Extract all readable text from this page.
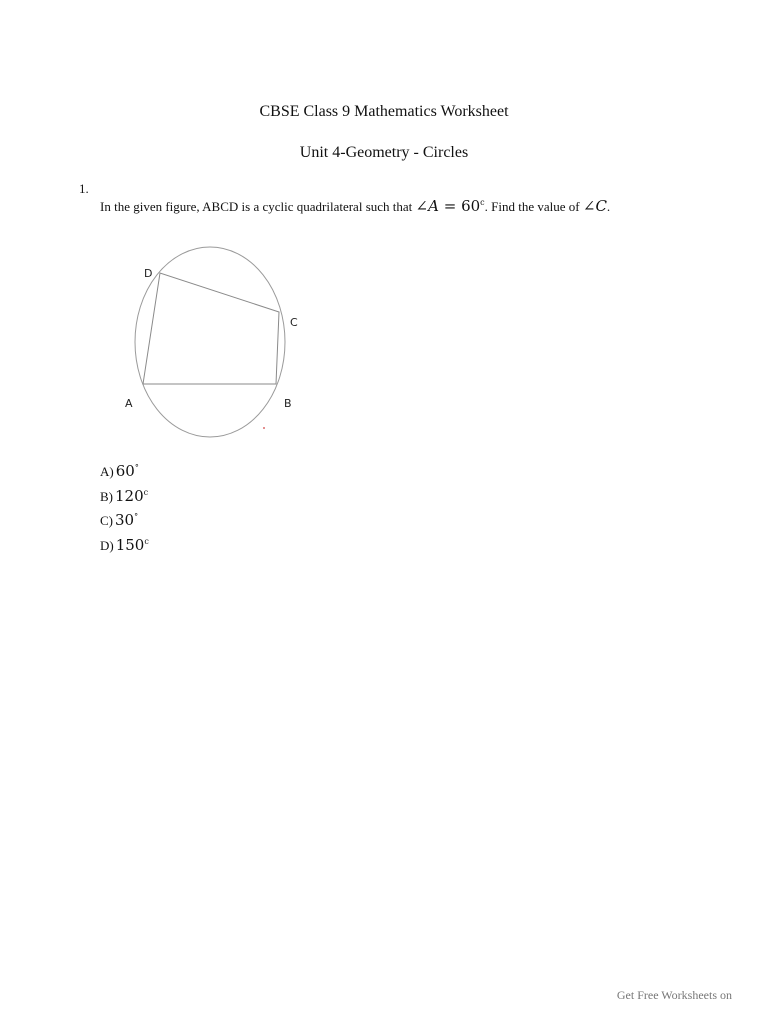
CBSE Class 9 Mathematics Worksheet
Unit 4-Geometry - Circles
1.
In the given figure, ABCD is a cyclic quadrilateral such that ∠A = $60^c$. Find the value of ∠C.
D
C
A	B
A) 60°
B) 120$^c$
C) 30°
D) 150$^c$
Get Free Worksheets on
